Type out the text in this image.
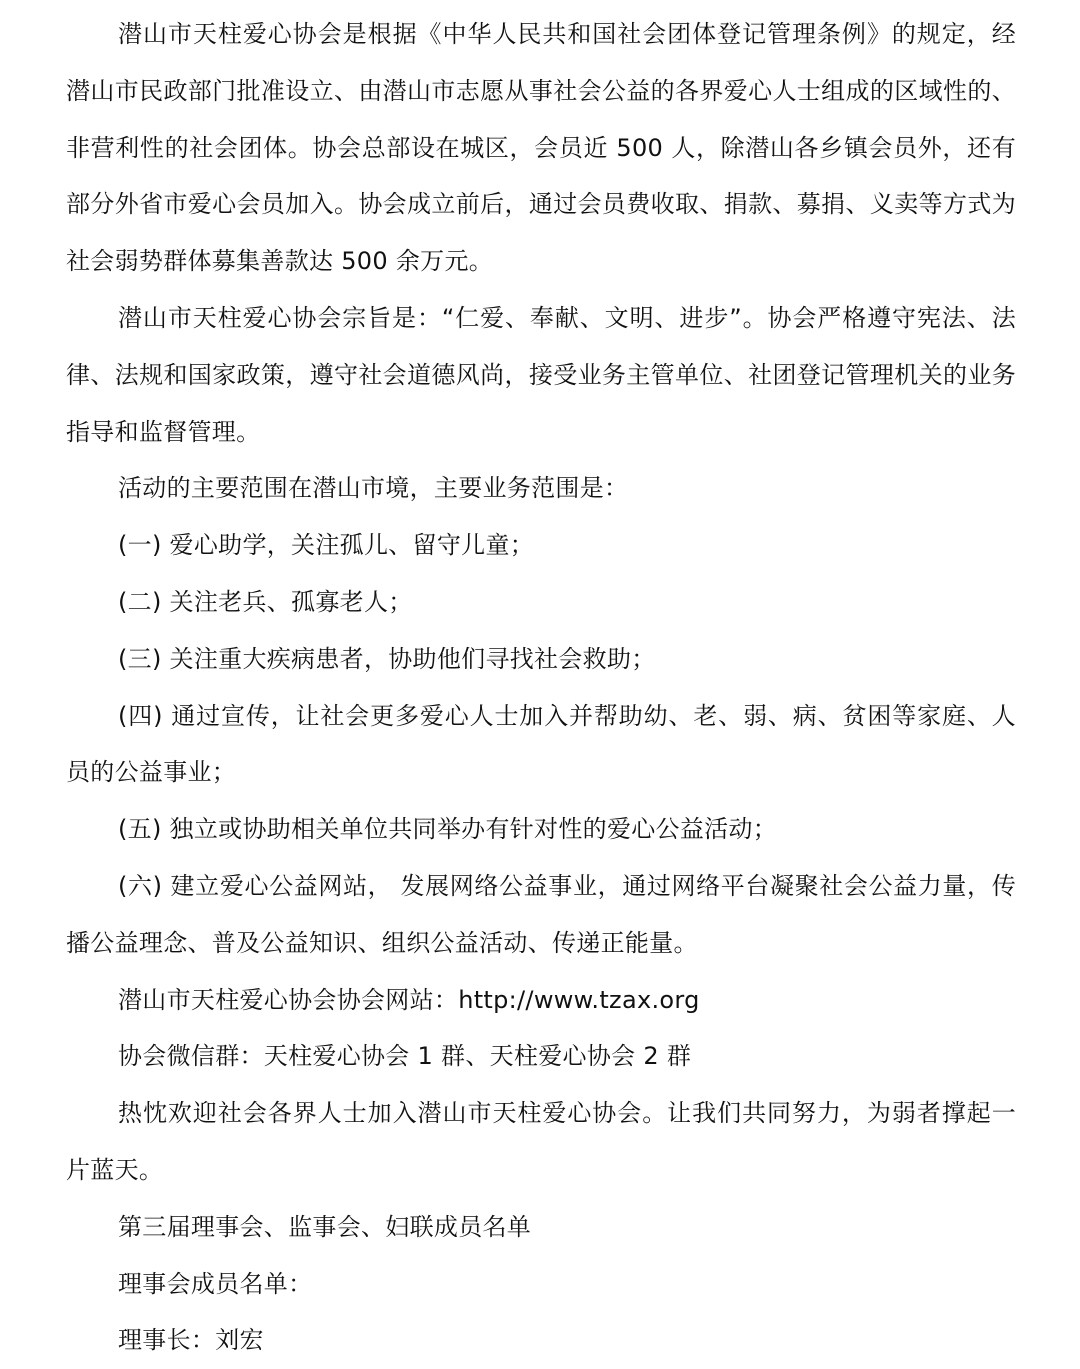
潜山市天柱爱心协会是根据《中华人民共和国社会团体登记管理条例》的规定，经潜山市民政部门批准设立、由潜山市志愿从事社会公益的各界爱心人士组成的区域性的、非营利性的社会团体。协会总部设在城区，会员近 500 人，除潜山各乡镇会员外，还有部分外省市爱心会员加入。协会成立前后，通过会员费收取、捐款、募捐、义卖等方式为社会弱势群体募集善款达 500 余万元。

潜山市天柱爱心协会宗旨是：“仁爱、奉献、文明、进步”。协会严格遵守宪法、法律、法规和国家政策，遵守社会道德风尚，接受业务主管单位、社团登记管理机关的业务指导和监督管理。

活动的主要范围在潜山市境，主要业务范围是：

(一) 爱心助学，关注孤儿、留守儿童；

(二) 关注老兵、孤寡老人；

(三) 关注重大疾病患者，协助他们寻找社会救助；

(四) 通过宣传，让社会更多爱心人士加入并帮助幼、老、弱、病、贫困等家庭、人员的公益事业；

(五) 独立或协助相关单位共同举办有针对性的爱心公益活动；

(六) 建立爱心公益网站， 发展网络公益事业，通过网络平台凝聚社会公益力量，传播公益理念、普及公益知识、组织公益活动、传递正能量。

潜山市天柱爱心协会协会网站：http://www.tzax.org

协会微信群：天柱爱心协会 1 群、天柱爱心协会 2 群

热忱欢迎社会各界人士加入潜山市天柱爱心协会。让我们共同努力，为弱者撑起一片蓝天。

第三届理事会、监事会、妇联成员名单

理事会成员名单：

理事长：刘宏
